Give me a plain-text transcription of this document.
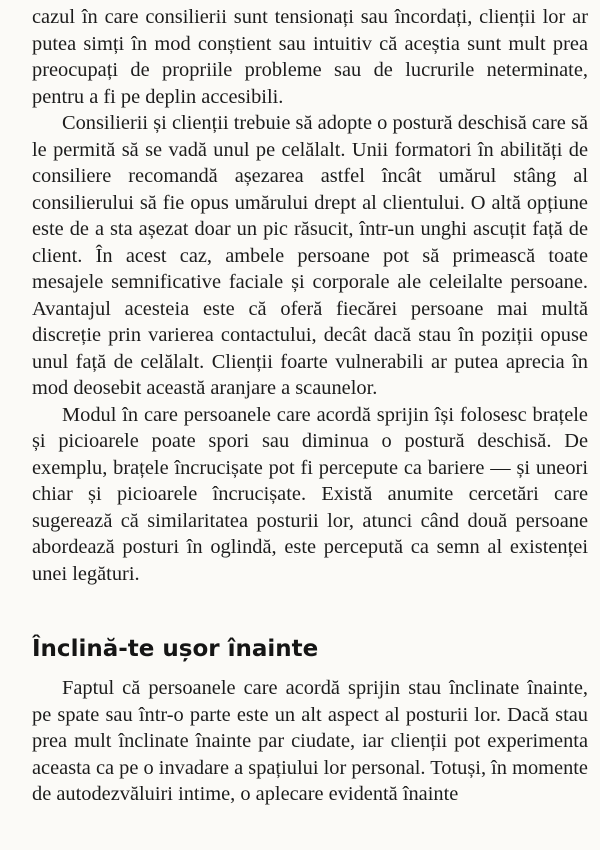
cazul în care consilierii sunt tensionați sau încordați, clienții lor ar putea simți în mod conștient sau intuitiv că aceștia sunt mult prea preocupați de propriile probleme sau de lucrurile neterminate, pentru a fi pe deplin accesibili.

Consilierii și clienții trebuie să adopte o postură deschisă care să le permită să se vadă unul pe celălalt. Unii formatori în abilități de consiliere recomandă așezarea astfel încât umărul stâng al consilierului să fie opus umărului drept al clientului. O altă opțiune este de a sta așezat doar un pic răsucit, într-un unghi ascuțit față de client. În acest caz, ambele persoane pot să primească toate mesajele semnificative faciale și corporale ale celeilalte persoane. Avantajul acesteia este că oferă fiecărei persoane mai multă discreție prin varierea contactului, decât dacă stau în poziții opuse unul față de celălalt. Clienții foarte vulnerabili ar putea aprecia în mod deosebit această aranjare a scaunelor.

Modul în care persoanele care acordă sprijin își folosesc brațele și picioarele poate spori sau diminua o postură deschisă. De exemplu, brațele încrucișate pot fi percepute ca bariere — și uneori chiar și picioarele încrucișate. Există anumite cercetări care sugerează că similaritatea posturii lor, atunci când două persoane abordează posturi în oglindă, este percepută ca semn al existenței unei legături.

Înclină-te ușor înainte

Faptul că persoanele care acordă sprijin stau înclinate înainte, pe spate sau într-o parte este un alt aspect al posturii lor. Dacă stau prea mult înclinate înainte par ciudate, iar clienții pot experimenta aceasta ca pe o invadare a spațiului lor personal. Totuși, în momente de autodezvăluiri intime, o aplecare evidentă înainte
